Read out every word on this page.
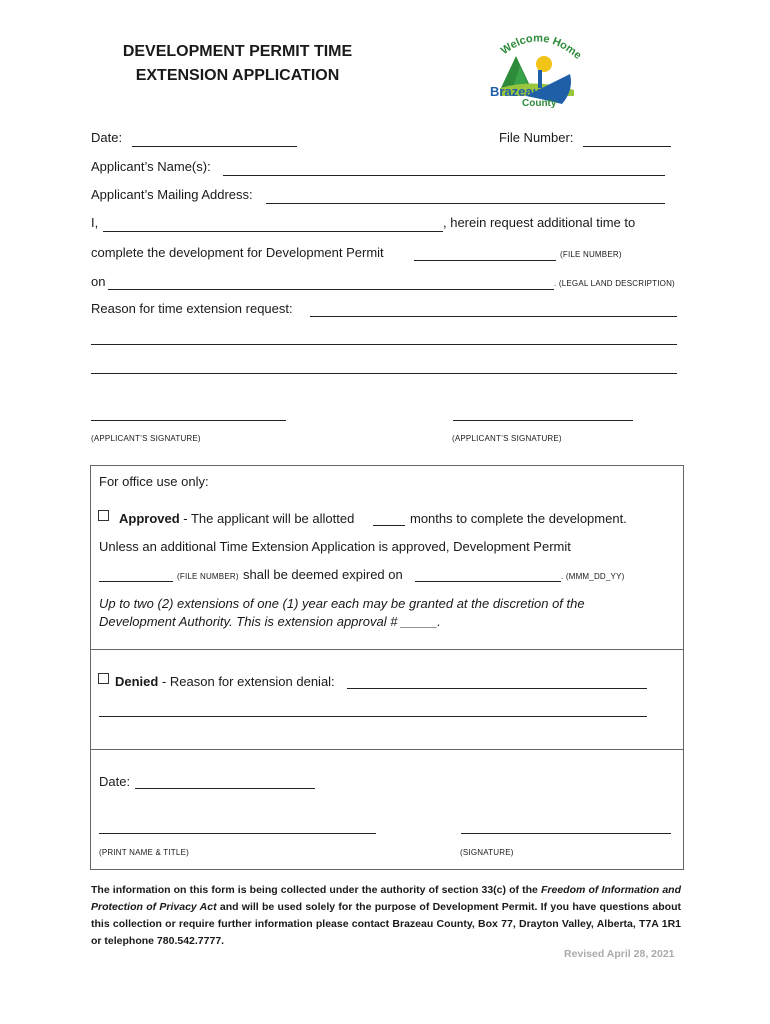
DEVELOPMENT PERMIT TIME
EXTENSION APPLICATION
Welcome Home
Brazeau
County
Date:	File Number:
Applicant’s Name(s):
Applicant’s Mailing Address:
I,	, herein request additional time to
complete the development for Development Permit	(FILE NUMBER)
on	. (LEGAL LAND DESCRIPTION)
Reason for time extension request:
(APPLICANT’S SIGNATURE)	(APPLICANT’S SIGNATURE)
For office use only:
Approved - The applicant will be allotted	months to complete the development.
Unless an additional Time Extension Application is approved, Development Permit
(FILE NUMBER) shall be deemed expired on	. (MMM_DD_YY)
Up to two (2) extensions of one (1) year each may be granted at the discretion of the
Development Authority. This is extension approval # _____.
Denied - Reason for extension denial:
Date:
(PRINT NAME & TITLE)	(SIGNATURE)
The information on this form is being collected under the authority of section 33(c) of the Freedom of Information and Protection of Privacy Act and will be used solely for the purpose of Development Permit. If you have questions about this collection or require further information please contact Brazeau County, Box 77, Drayton Valley, Alberta, T7A 1R1 or telephone 780.542.7777.
Revised April 28, 2021
